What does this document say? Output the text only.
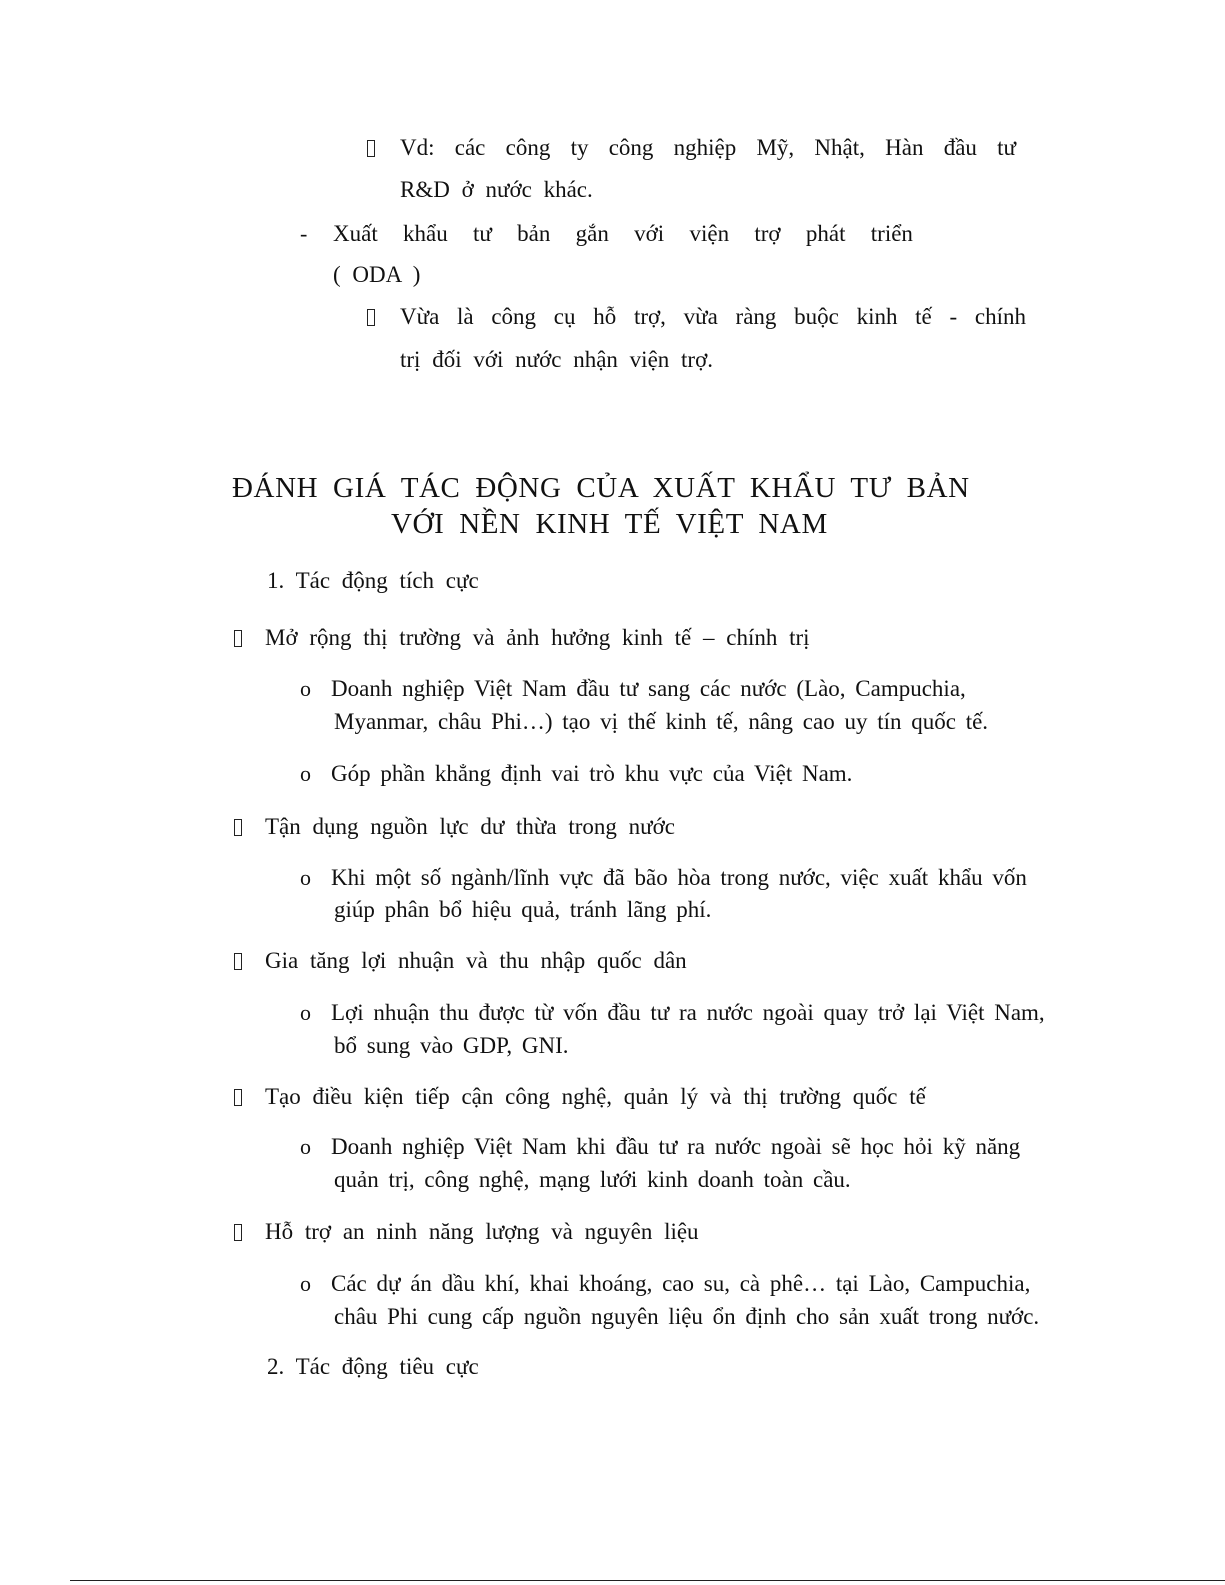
Vd: các công ty công nghiệp Mỹ, Nhật, Hàn đầu tư
R&D ở nước khác.
- Xuất khẩu tư bản gắn với viện trợ phát triển
( ODA )
Vừa là công cụ hỗ trợ, vừa ràng buộc kinh tế - chính
trị đối với nước nhận viện trợ.
ĐÁNH GIÁ TÁC ĐỘNG CỦA XUẤT KHẨU TƯ BẢN
VỚI NỀN KINH TẾ VIỆT NAM
1. Tác động tích cực
Mở rộng thị trường và ảnh hưởng kinh tế – chính trị
o Doanh nghiệp Việt Nam đầu tư sang các nước (Lào, Campuchia,
Myanmar, châu Phi…) tạo vị thế kinh tế, nâng cao uy tín quốc tế.
o Góp phần khẳng định vai trò khu vực của Việt Nam.
Tận dụng nguồn lực dư thừa trong nước
o Khi một số ngành/lĩnh vực đã bão hòa trong nước, việc xuất khẩu vốn
giúp phân bổ hiệu quả, tránh lãng phí.
Gia tăng lợi nhuận và thu nhập quốc dân
o Lợi nhuận thu được từ vốn đầu tư ra nước ngoài quay trở lại Việt Nam,
bổ sung vào GDP, GNI.
Tạo điều kiện tiếp cận công nghệ, quản lý và thị trường quốc tế
o Doanh nghiệp Việt Nam khi đầu tư ra nước ngoài sẽ học hỏi kỹ năng
quản trị, công nghệ, mạng lưới kinh doanh toàn cầu.
Hỗ trợ an ninh năng lượng và nguyên liệu
o Các dự án dầu khí, khai khoáng, cao su, cà phê… tại Lào, Campuchia,
châu Phi cung cấp nguồn nguyên liệu ổn định cho sản xuất trong nước.
2. Tác động tiêu cực
